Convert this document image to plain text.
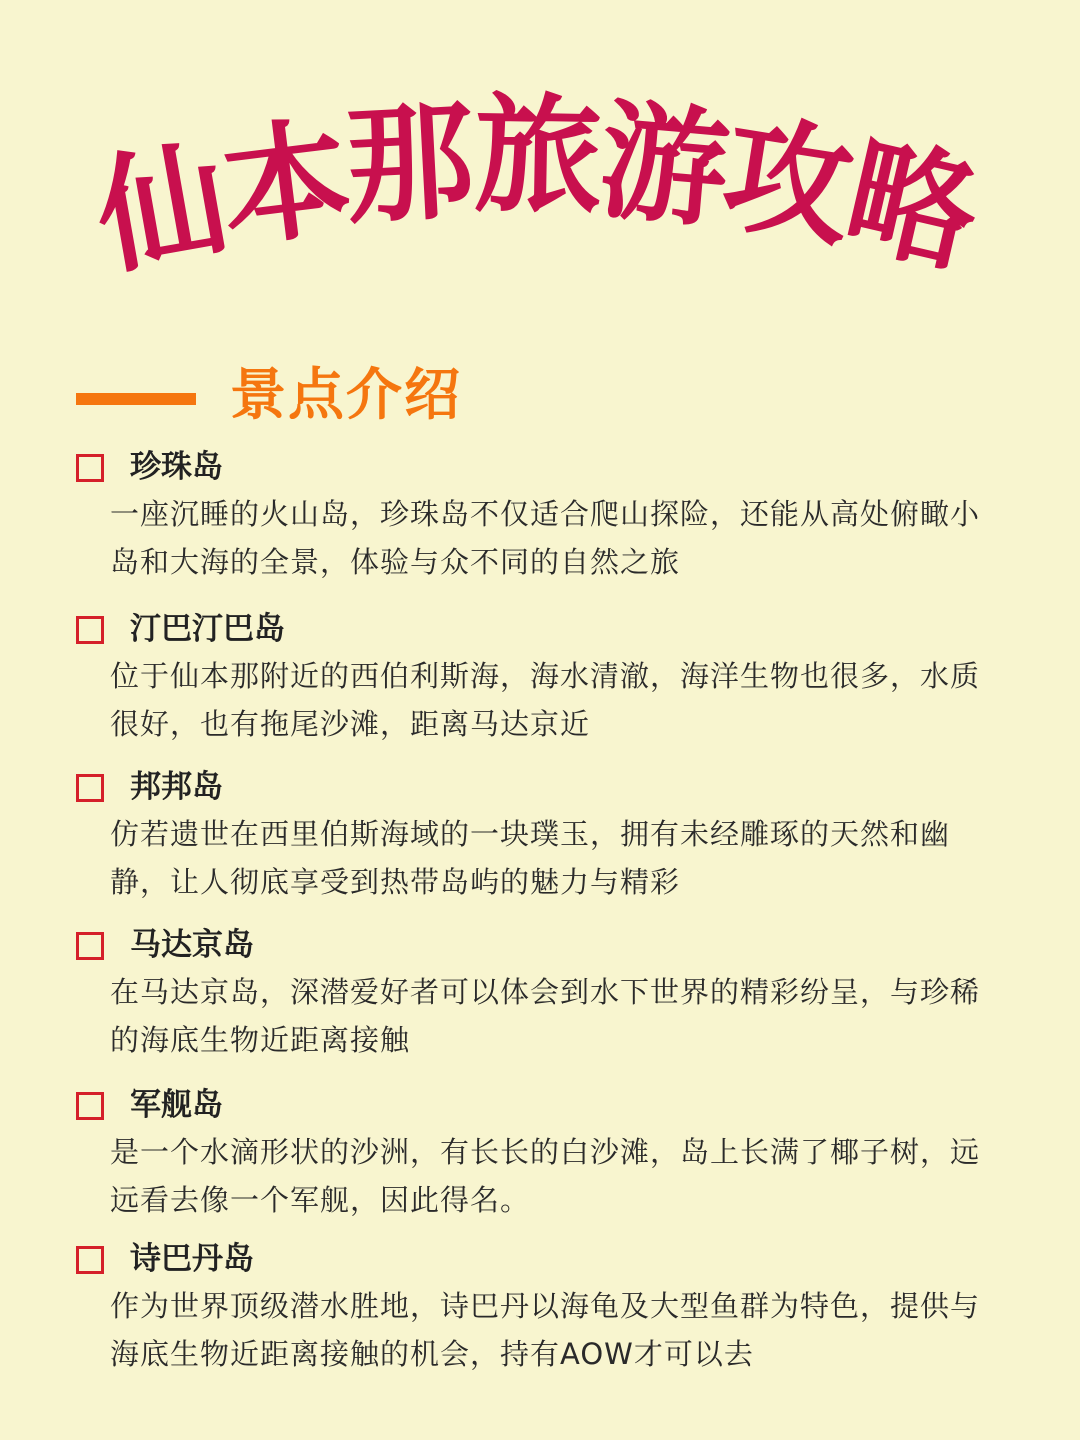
仙
本
那
旅
游
攻
略
景点介绍
珍珠岛

一座沉睡的火山岛，珍珠岛不仅适合爬山探险，还能从高处俯瞰小岛和大海的全景，体验与众不同的自然之旅

汀巴汀巴岛

位于仙本那附近的西伯利斯海，海水清澈，海洋生物也很多，水质很好，也有拖尾沙滩，距离马达京近

邦邦岛

仿若遗世在西里伯斯海域的一块璞玉，拥有未经雕琢的天然和幽静，让人彻底享受到热带岛屿的魅力与精彩

马达京岛

在马达京岛，深潜爱好者可以体会到水下世界的精彩纷呈，与珍稀的海底生物近距离接触

军舰岛

是一个水滴形状的沙洲，有长长的白沙滩，岛上长满了椰子树，远远看去像一个军舰，因此得名。

诗巴丹岛

作为世界顶级潜水胜地，诗巴丹以海龟及大型鱼群为特色，提供与海底生物近距离接触的机会，持有AOW才可以去
